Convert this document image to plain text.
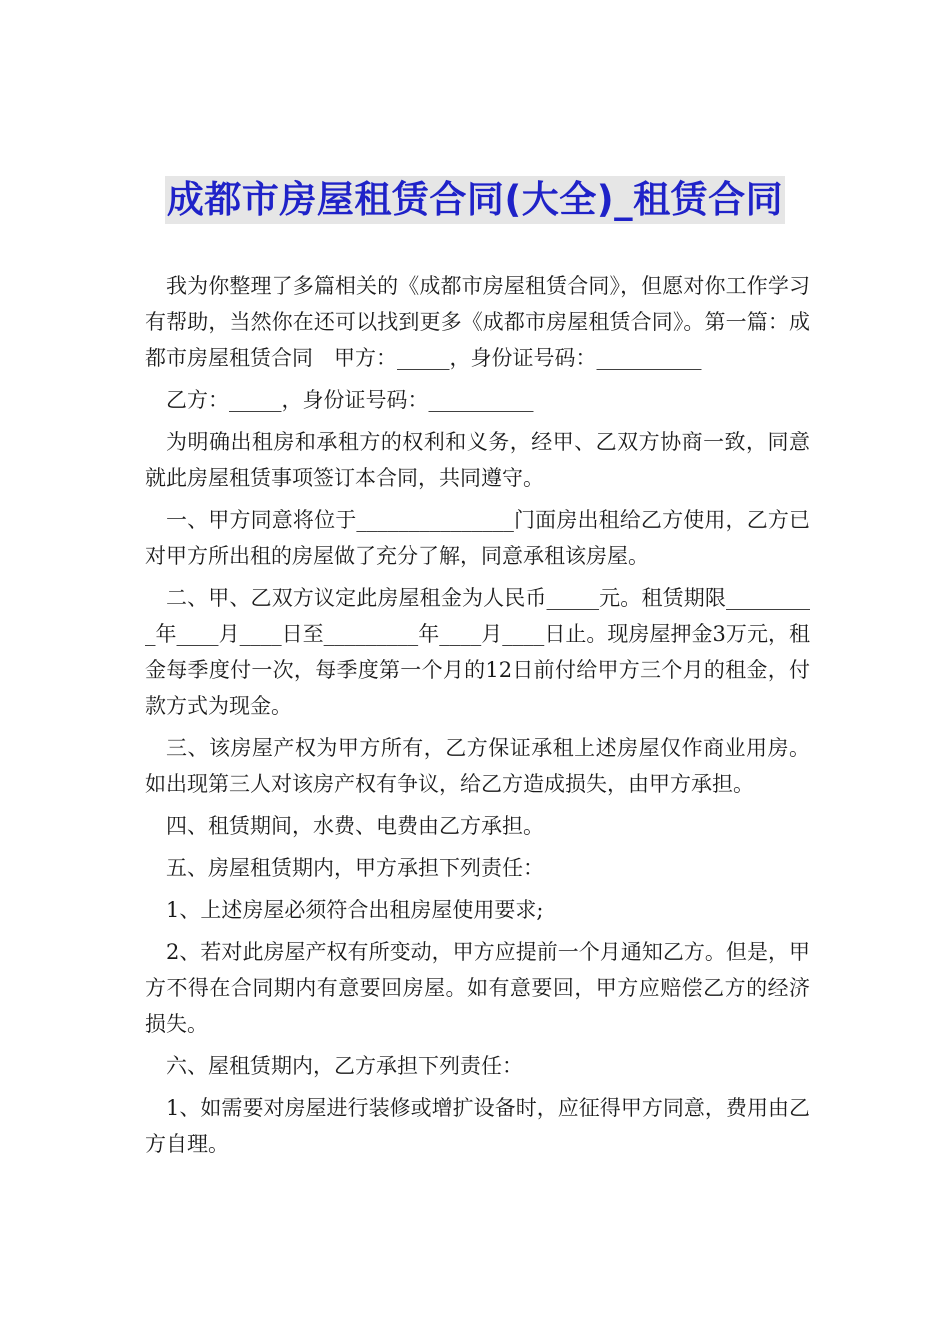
成都市房屋租赁合同(大全)_租赁合同

我为你整理了多篇相关的《成都市房屋租赁合同》，但愿对你工作学习有帮助，当然你在还可以找到更多《成都市房屋租赁合同》。第一篇：成都市房屋租赁合同　甲方：_____，身份证号码：__________

乙方：_____，身份证号码：__________

为明确出租房和承租方的权利和义务，经甲、乙双方协商一致，同意就此房屋租赁事项签订本合同，共同遵守。

一、甲方同意将位于_______________门面房出租给乙方使用，乙方已对甲方所出租的房屋做了充分了解，同意承租该房屋。

二、甲、乙双方议定此房屋租金为人民币_____元。租赁期限_________年____月____日至_________年____月____日止。现房屋押金3万元，租金每季度付一次，每季度第一个月的12日前付给甲方三个月的租金，付款方式为现金。

三、该房屋产权为甲方所有，乙方保证承租上述房屋仅作商业用房。如出现第三人对该房产权有争议，给乙方造成损失，由甲方承担。

四、租赁期间，水费、电费由乙方承担。

五、房屋租赁期内，甲方承担下列责任：

1、上述房屋必须符合出租房屋使用要求;

2、若对此房屋产权有所变动，甲方应提前一个月通知乙方。但是，甲方不得在合同期内有意要回房屋。如有意要回，甲方应赔偿乙方的经济损失。

六、屋租赁期内，乙方承担下列责任：

1、如需要对房屋进行装修或增扩设备时，应征得甲方同意，费用由乙方自理。
